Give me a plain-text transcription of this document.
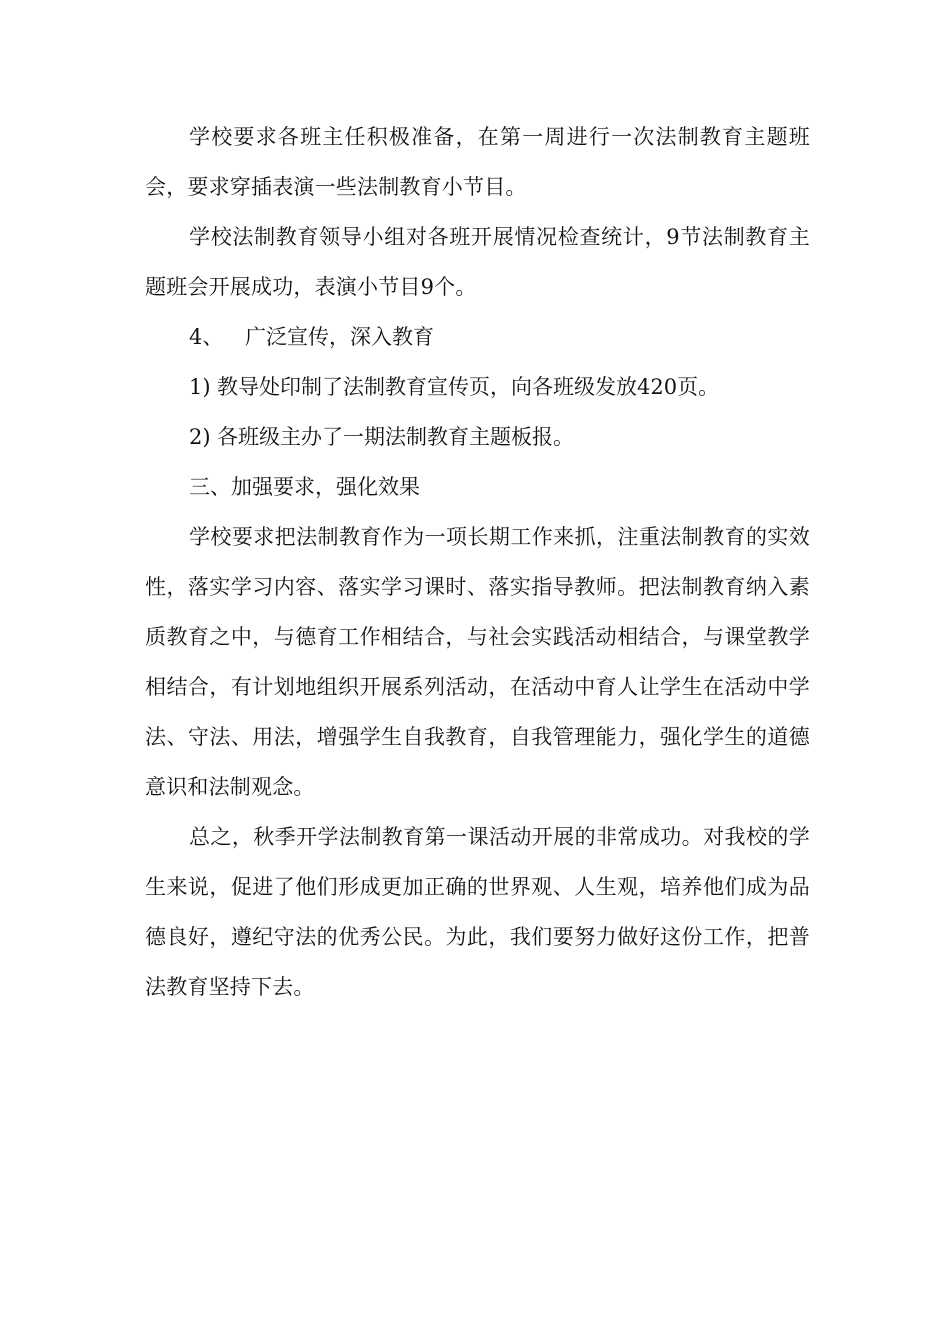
学校要求各班主任积极准备，在第一周进行一次法制教育主题班会，要求穿插表演一些法制教育小节目。

学校法制教育领导小组对各班开展情况检查统计，9节法制教育主题班会开展成功，表演小节目9个。

4、 广泛宣传，深入教育

1) 教导处印制了法制教育宣传页，向各班级发放420页。

2) 各班级主办了一期法制教育主题板报。

三、加强要求，强化效果

学校要求把法制教育作为一项长期工作来抓，注重法制教育的实效性，落实学习内容、落实学习课时、落实指导教师。把法制教育纳入素质教育之中，与德育工作相结合，与社会实践活动相结合，与课堂教学相结合，有计划地组织开展系列活动，在活动中育人让学生在活动中学法、守法、用法，增强学生自我教育，自我管理能力，强化学生的道德意识和法制观念。

总之，秋季开学法制教育第一课活动开展的非常成功。对我校的学生来说，促进了他们形成更加正确的世界观、人生观，培养他们成为品德良好，遵纪守法的优秀公民。为此，我们要努力做好这份工作，把普法教育坚持下去。
